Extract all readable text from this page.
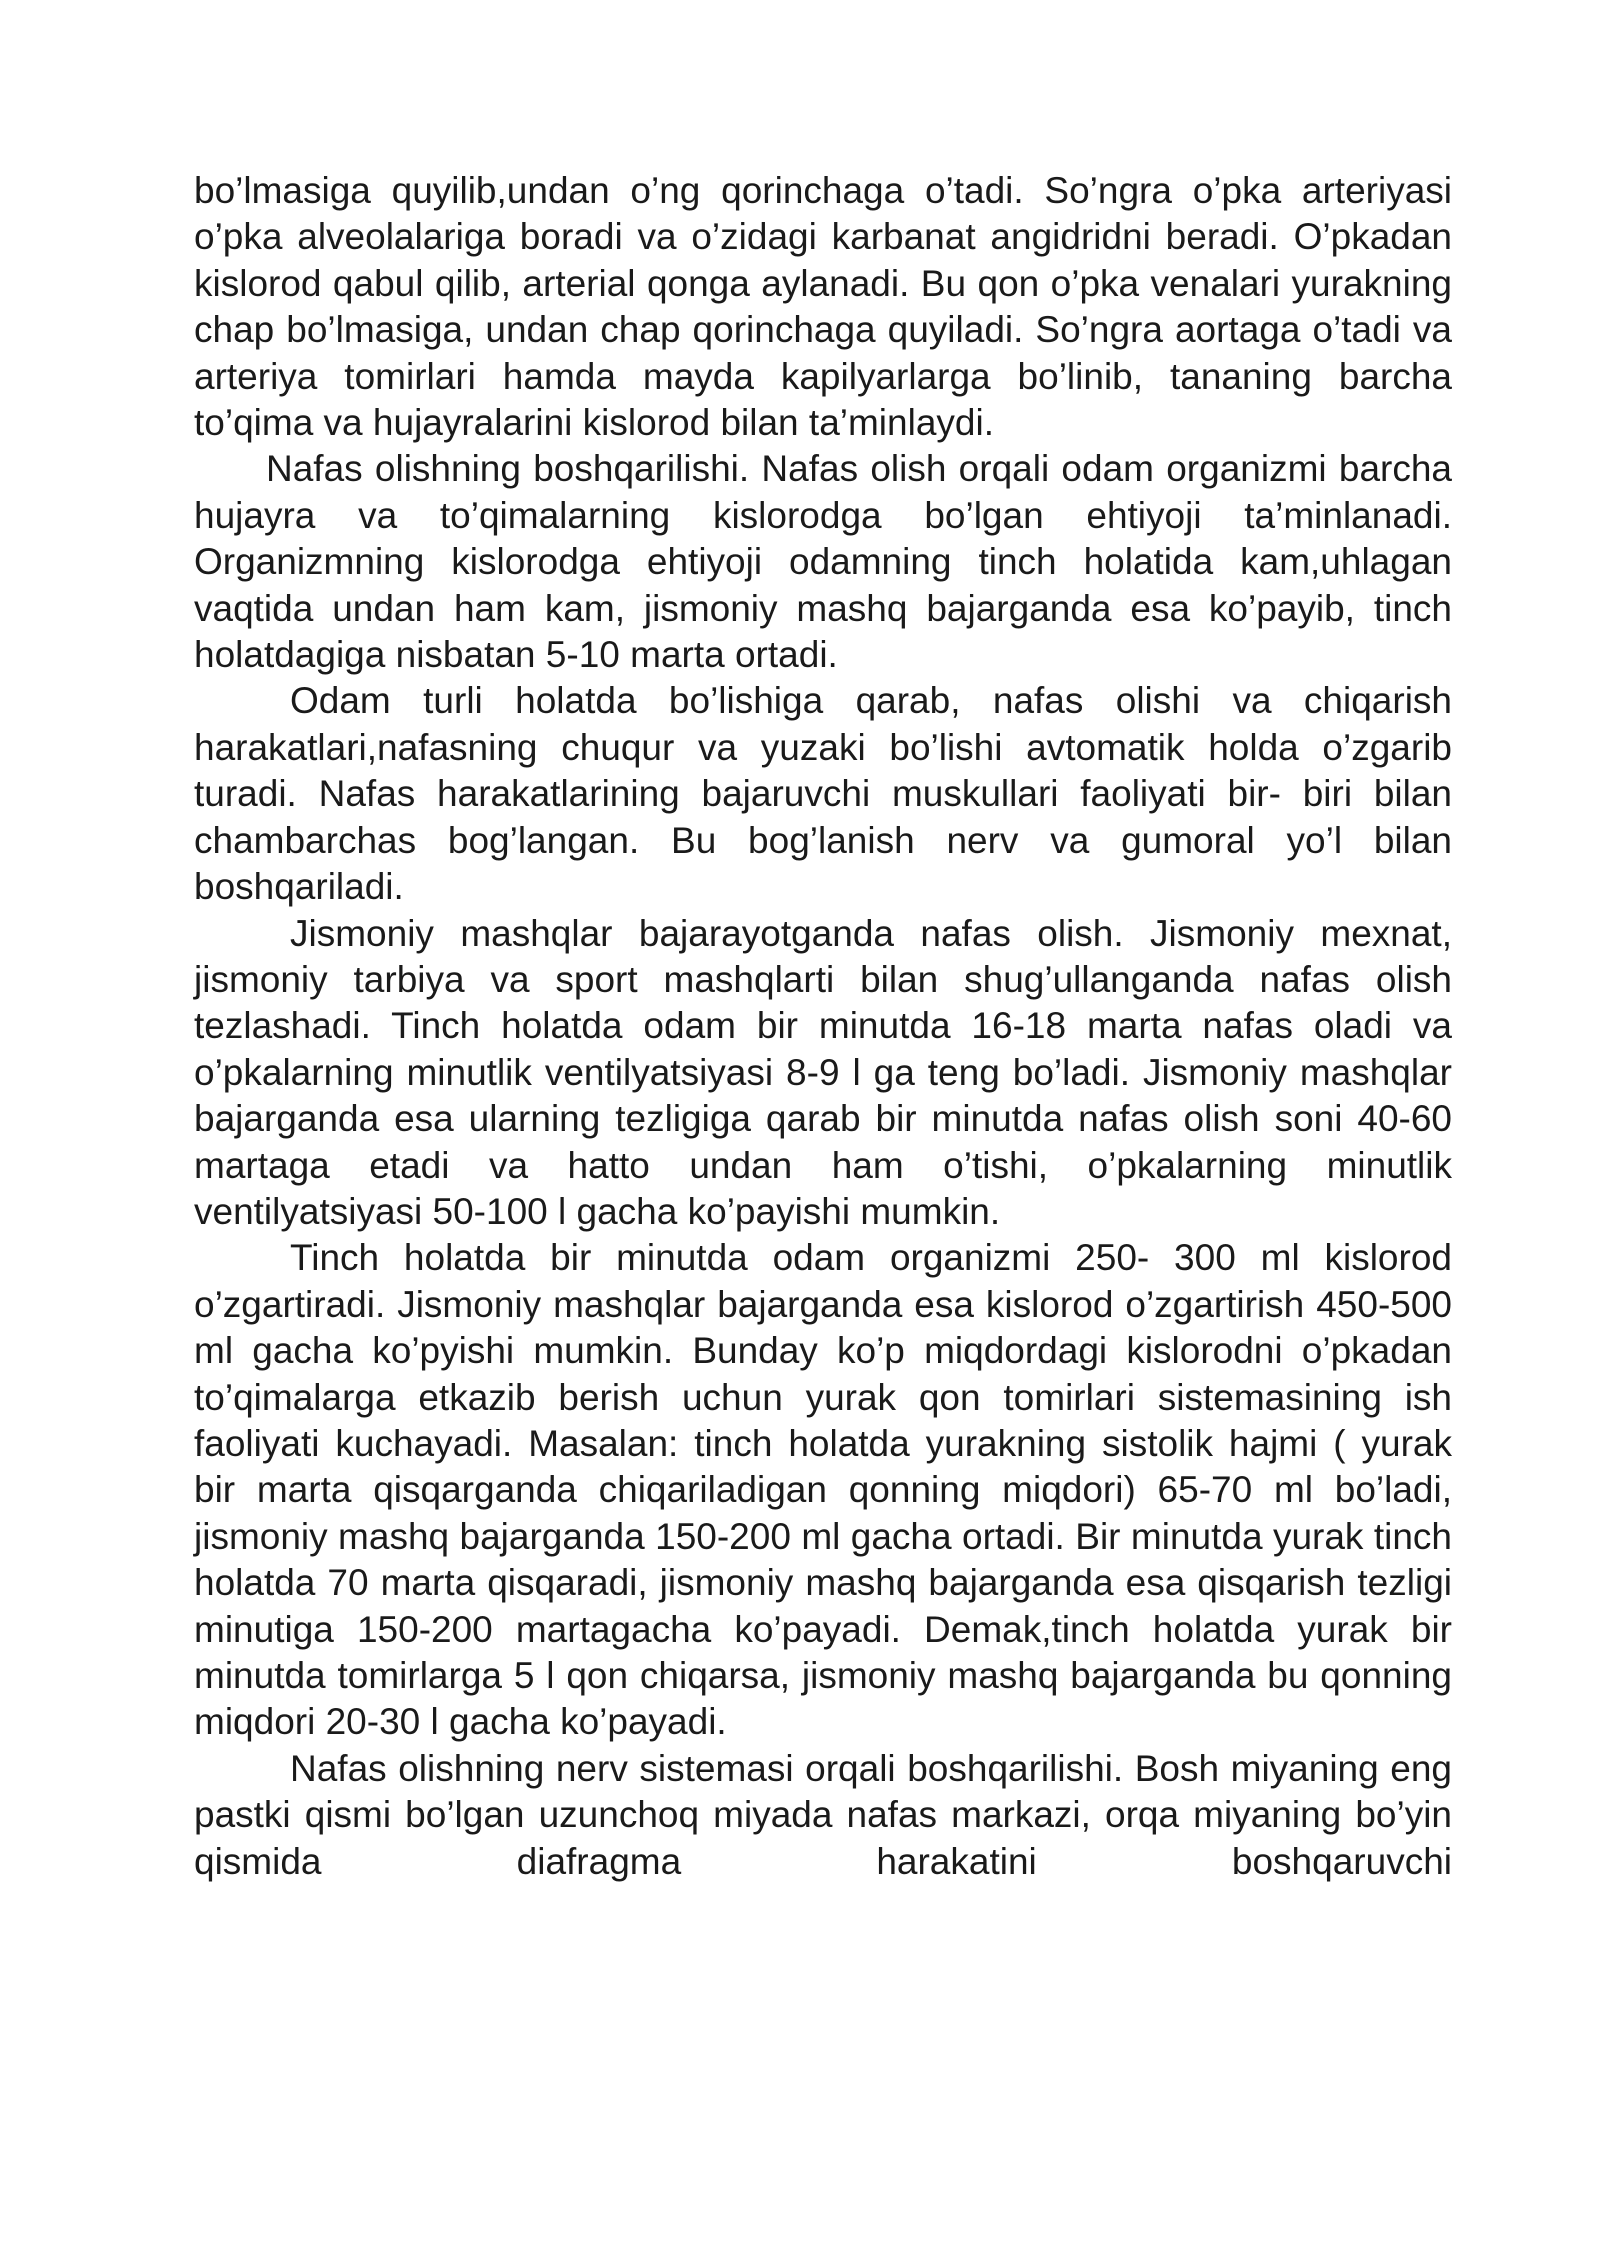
bo’lmasiga quyilib,undan o’ng qorinchaga o’tadi. So’ngra o’pka arteriyasi o’pka alveolalariga boradi va o’zidagi karbanat angidridni beradi. O’pkadan kislorod qabul qilib, arterial qonga aylanadi. Bu qon o’pka venalari yurakning chap bo’lmasiga, undan chap qorinchaga quyiladi. So’ngra aortaga o’tadi va arteriya tomirlari hamda mayda kapilyarlarga bo’linib, tananing barcha to’qima va hujayralarini kislorod bilan ta’minlaydi.

Nafas olishning boshqarilishi. Nafas olish orqali odam organizmi barcha hujayra va to’qimalarning kislorodga bo’lgan ehtiyoji ta’minlanadi. Organizmning kislorodga ehtiyoji odamning tinch holatida kam,uhlagan vaqtida undan ham kam, jismoniy mashq bajarganda esa ko’payib, tinch holatdagiga nisbatan 5-10 marta ortadi.

Odam turli holatda bo’lishiga qarab, nafas olishi va chiqarish harakatlari,nafasning chuqur va yuzaki bo’lishi avtomatik holda o’zgarib turadi. Nafas harakatlarining bajaruvchi muskullari faoliyati bir- biri bilan chambarchas bog’langan. Bu bog’lanish nerv va gumoral yo’l bilan boshqariladi.

Jismoniy mashqlar bajarayotganda nafas olish. Jismoniy mexnat, jismoniy tarbiya va sport mashqlarti bilan shug’ullanganda nafas olish tezlashadi. Tinch holatda odam bir minutda 16-18 marta nafas oladi va o’pkalarning minutlik ventilyatsiyasi 8-9 l ga teng bo’ladi. Jismoniy mashqlar bajarganda esa ularning tezligiga qarab bir minutda nafas olish soni 40-60 martaga etadi va hatto undan ham o’tishi, o’pkalarning minutlik ventilyatsiyasi 50-100 l gacha ko’payishi mumkin.

Tinch holatda bir minutda odam organizmi 250- 300 ml kislorod o’zgartiradi. Jismoniy mashqlar bajarganda esa kislorod o’zgartirish 450-500 ml gacha ko’pyishi mumkin. Bunday ko’p miqdordagi kislorodni o’pkadan to’qimalarga etkazib berish uchun yurak qon tomirlari sistemasining ish faoliyati kuchayadi. Masalan: tinch holatda yurakning sistolik hajmi ( yurak bir marta qisqarganda chiqariladigan qonning miqdori) 65-70 ml bo’ladi, jismoniy mashq bajarganda 150-200 ml gacha ortadi. Bir minutda yurak tinch holatda 70 marta qisqaradi, jismoniy mashq bajarganda esa qisqarish tezligi minutiga 150-200 martagacha ko’payadi. Demak,tinch holatda yurak bir minutda tomirlarga 5 l qon chiqarsa, jismoniy mashq bajarganda bu qonning miqdori 20-30 l gacha ko’payadi.

Nafas olishning nerv sistemasi orqali boshqarilishi. Bosh miyaning eng pastki qismi bo’lgan uzunchoq miyada nafas markazi, orqa miyaning bo’yin qismida diafragma harakatini boshqaruvchi
